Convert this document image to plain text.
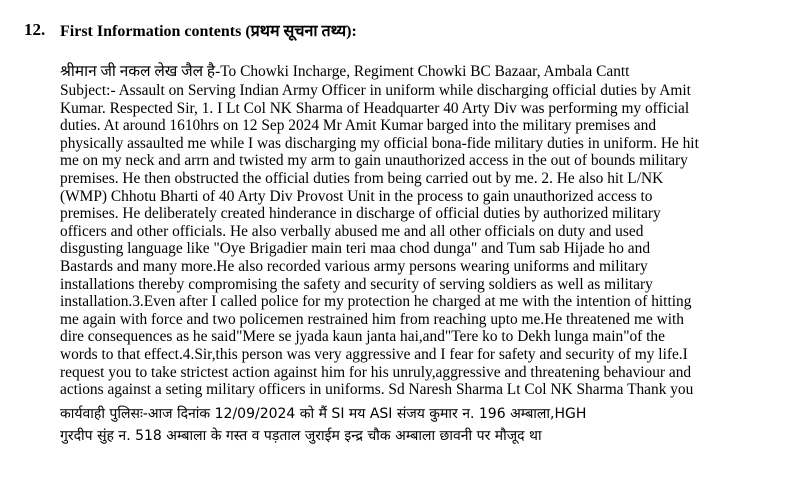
12. First Information contents (प्रथम सूचना तथ्य):
श्रीमान जी नकल लेख जैल है-To Chowki Incharge, Regiment Chowki BC Bazaar, Ambala Cantt
Subject:- Assault on Serving Indian Army Officer in uniform while discharging official duties by Amit
Kumar. Respected Sir, 1. I Lt Col NK Sharma of Headquarter 40 Arty Div was performing my official
duties. At around 1610hrs on 12 Sep 2024 Mr Amit Kumar barged into the military premises and
physically assaulted me while I was discharging my official bona-fide military duties in uniform. He hit
me on my neck and arrn and twisted my arm to gain unauthorized access in the out of bounds military
premises. He then obstructed the official duties from being carried out by me. 2. He also hit L/NK
(WMP) Chhotu Bharti of 40 Arty Div Provost Unit in the process to gain unauthorized access to
premises. He deliberately created hinderance in discharge of official duties by authorized military
officers and other officials. He also verbally abused me and all other officials on duty and used
disgusting language like "Oye Brigadier main teri maa chod dunga" and Tum sab Hijade ho and
Bastards and many more.He also recorded various army persons wearing uniforms and military
installations thereby compromising the safety and security of serving soldiers as well as military
installation.3.Even after I called police for my protection he charged at me with the intention of hitting
me again with force and two policemen restrained him from reaching upto me.He threatened me with
dire consequences as he said"Mere se jyada kaun janta hai,and"Tere ko to Dekh lunga main"of the
words to that effect.4.Sir,this person was very aggressive and I fear for safety and security of my life.I
request you to take strictest action against him for his unruly,aggressive and threatening behaviour and
actions against a seting military officers in uniforms. Sd Naresh Sharma Lt Col NK Sharma Thank you
कार्यवाही पुलिसः-आज दिनांक 12/09/2024 को मैं SI मय ASI संजय कुमार न. 196 अम्बाला,HGH
गुरदीप सुंह न. 518 अम्बाला के गस्त व पड़ताल जुराईम इन्द्र चौक अम्बाला छावनी पर मौजूद था
